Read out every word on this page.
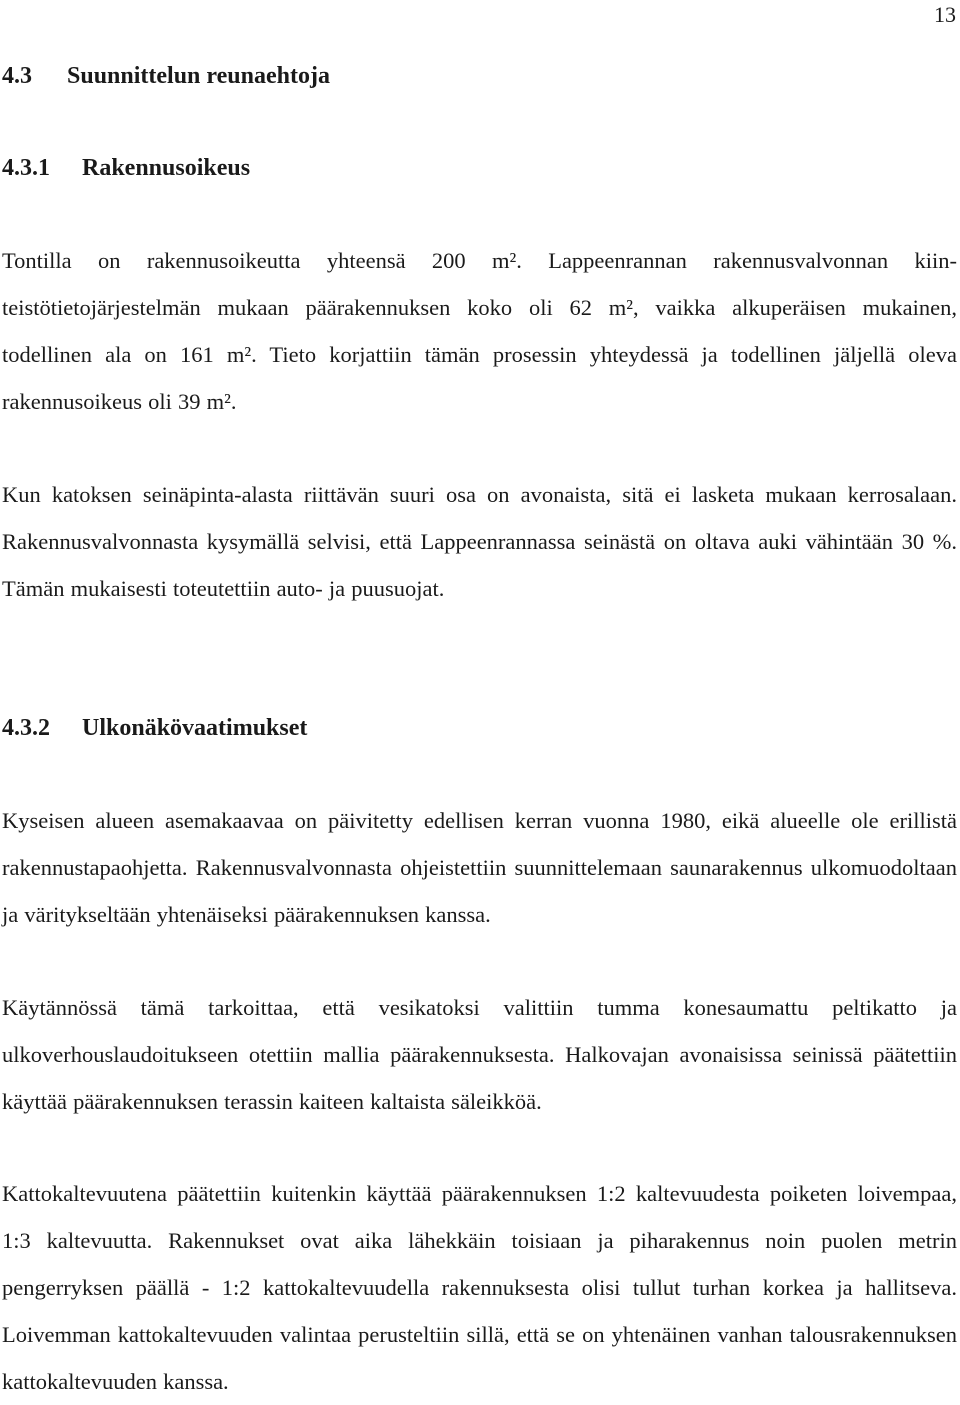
13
4.3 Suunnittelun reunaehtoja
4.3.1 Rakennusoikeus

Tontilla on rakennusoikeutta yhteensä 200 m². Lappeenrannan rakennusvalvonnan kiinteistötietojärjestelmän mukaan päärakennuksen koko oli 62 m², vaikka alkuperäisen mukainen, todellinen ala on 161 m². Tieto korjattiin tämän prosessin yhteydessä ja todellinen jäljellä oleva rakennusoikeus oli 39 m².

Kun katoksen seinäpinta-alasta riittävän suuri osa on avonaista, sitä ei lasketa mukaan kerrosalaan. Rakennusvalvonnasta kysymällä selvisi, että Lappeenrannassa seinästä on oltava auki vähintään 30 %. Tämän mukaisesti toteutettiin auto- ja puusuojat.

4.3.2 Ulkonäkövaatimukset

Kyseisen alueen asemakaavaa on päivitetty edellisen kerran vuonna 1980, eikä alueelle ole erillistä rakennustapaohjetta. Rakennusvalvonnasta ohjeistettiin suunnittelemaan saunarakennus ulkomuodoltaan ja väritykseltään yhtenäiseksi päärakennuksen kanssa.

Käytännössä tämä tarkoittaa, että vesikatoksi valittiin tumma konesaumattu peltikatto ja ulkoverhouslaudoitukseen otettiin mallia päärakennuksesta. Halkovajan avonaisissa seinissä päätettiin käyttää päärakennuksen terassin kaiteen kaltaista säleikköä.

Kattokaltevuutena päätettiin kuitenkin käyttää päärakennuksen 1:2 kaltevuudesta poiketen loivempaa, 1:3 kaltevuutta. Rakennukset ovat aika lähekkäin toisiaan ja piharakennus noin puolen metrin pengerryksen päällä - 1:2 kattokaltevuudella rakennuksesta olisi tullut turhan korkea ja hallitseva. Loivemman kattokaltevuuden valintaa perusteltiin sillä, että se on yhtenäinen vanhan talousrakennuksen kattokaltevuuden kanssa.
